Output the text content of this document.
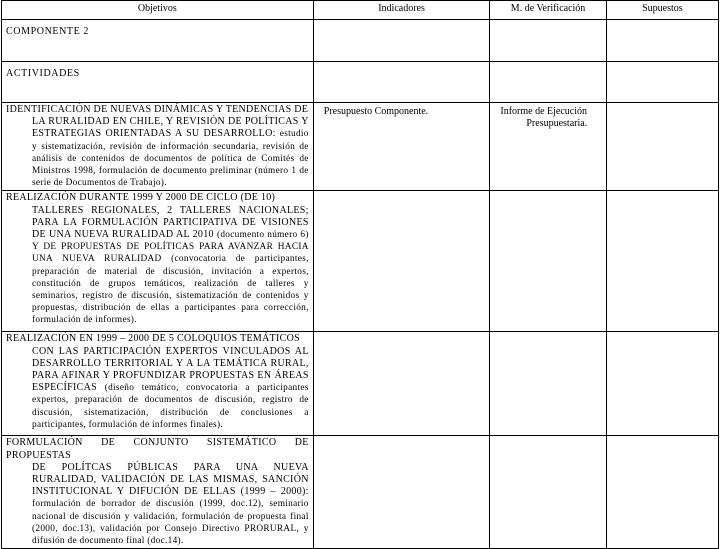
Objetivos	Indicadores	M. de Verificación	Supuestos
COMPONENTE 2			
ACTIVIDADES			

IDENTIFICACIÓN DE NUEVAS DINÁMICAS Y TENDENCIAS DE
LA RURALIDAD EN CHILE, Y REVISIÓN DE POLÍTICAS Y ESTRATEGIAS ORIENTADAS A SU DESARROLLO: estudio y sistematización, revisión de información secundaria, revisión de análisis de contenidos de documentos de política de Comités de Ministros 1998, formulación de documento preliminar (número 1 de serie de Documentos de Trabajo).	Presupuesto Componente.	Informe de Ejecución
Presupuestaria.	

REALIZACIÓN DURANTE 1999 Y 2000 DE CICLO (DE 10)
TALLERES REGIONALES, 2 TALLERES NACIONALES; PARA LA FORMULACIÓN PARTICIPATIVA DE VISIONES DE UNA NUEVA RURALIDAD AL 2010 (documento número 6) Y DE PROPUESTAS DE POLÍTICAS PARA AVANZAR HACIA UNA NUEVA RURALIDAD (convocatoria de participantes, preparación de material de discusión, invitación a expertos, constitución de grupos temáticos, realización de talleres y seminarios, registro de discusión, sistematización de contenidos y propuestas, distribución de ellas a participantes para corrección, formulación de informes).			

REALIZACIÓN EN 1999 – 2000 DE 5 COLOQUIOS TEMÁTICOS
CON LAS PARTICIPACIÓN EXPERTOS VINCULADOS AL DESARROLLO TERRITORIAL Y A LA TEMÁTICA RURAL, PARA AFINAR Y PROFUNDIZAR PROPUESTAS EN ÁREAS ESPECÍFICAS (diseño temático, convocatoria a participantes expertos, preparación de documentos de discusión, registro de discusión, sistematización, distribución de conclusiones a participantes, formulación de informes finales).			

FORMULACIÓN DE CONJUNTO SISTEMÁTICO DE PROPUESTAS
DE POLÍTCAS PÚBLICAS PARA UNA NUEVA RURALIDAD, VALIDACIÓN DE LAS MISMAS, SANCIÓN INSTITUCIONAL Y DIFUCIÓN DE ELLAS (1999 – 2000): formulación de borrador de discusión (1999, doc.12), seminario nacional de discusión y validación, formulación de propuesta final (2000, doc.13), validación por Consejo Directivo PRORURAL, y difusión de documento final (doc.14).			
